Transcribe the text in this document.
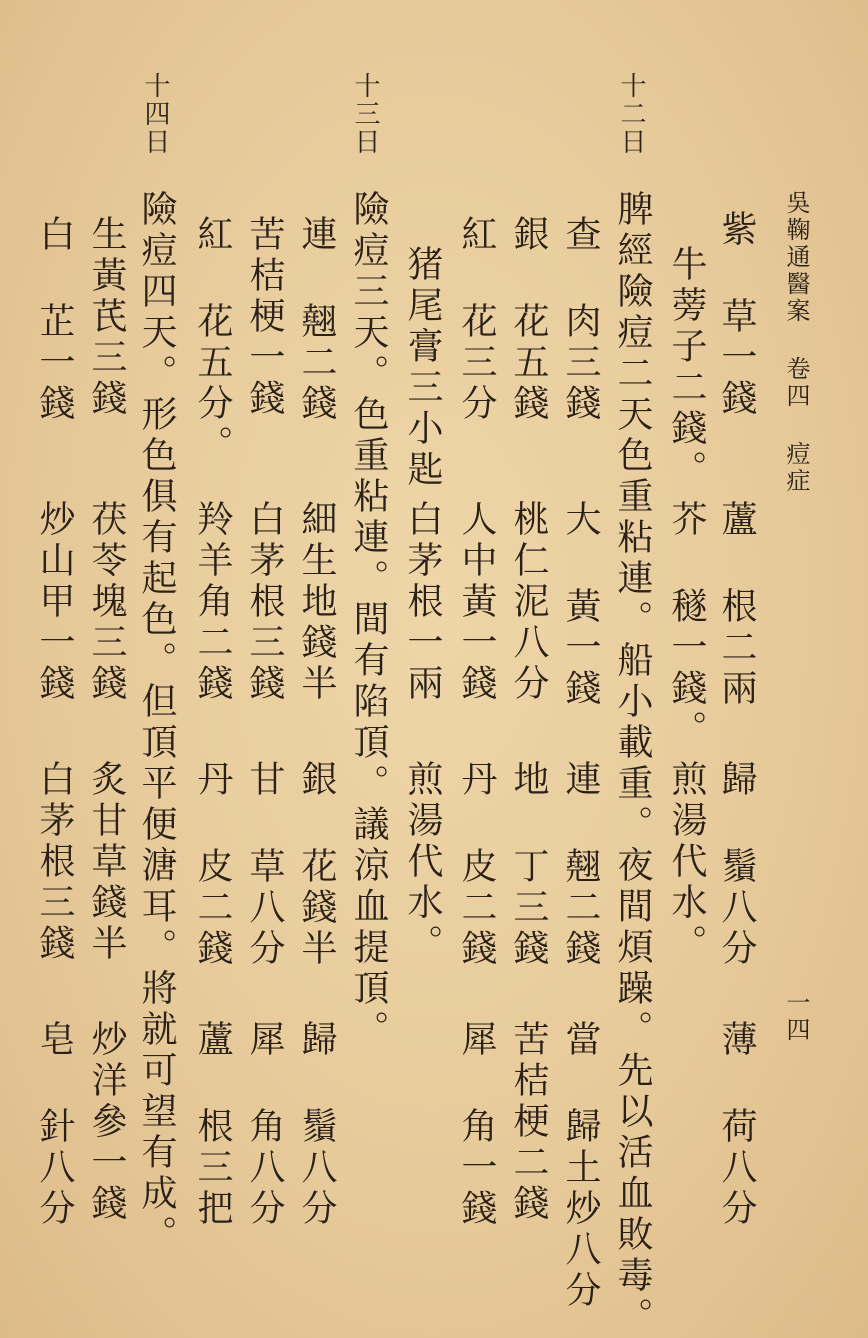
吳鞠通醫案 卷四 痘症
一四
紫 草一錢
蘆 根二兩
歸 鬚八分
薄 荷八分
牛蒡子二錢。
芥 穟一錢。
煎湯代水。
十二日
脾經險痘二天色重粘連。船小載重。夜間煩躁。先以活血敗毒。
查 肉三錢
大 黃一錢
連 翹二錢
當 歸土炒八分
銀 花五錢
桃仁泥八分
地 丁三錢
苦桔梗二錢
紅 花三分
人中黃一錢
丹 皮二錢
犀 角一錢
猪尾膏三小匙
白茅根一兩
煎湯代水。
十三日
險痘三天。色重粘連。間有陷頂。議涼血提頂。
連 翹二錢
細生地錢半
銀 花錢半
歸 鬚八分
苦桔梗一錢
白茅根三錢
甘 草八分
犀 角八分
紅 花五分。
羚羊角二錢
丹 皮二錢
蘆 根三把
十四日
險痘四天。形色俱有起色。但頂平便溏耳。將就可望有成。
生黃芪三錢
茯苓塊三錢
炙甘草錢半
炒洋參一錢
白 芷一錢
炒山甲一錢
白茅根三錢
皂 針八分
